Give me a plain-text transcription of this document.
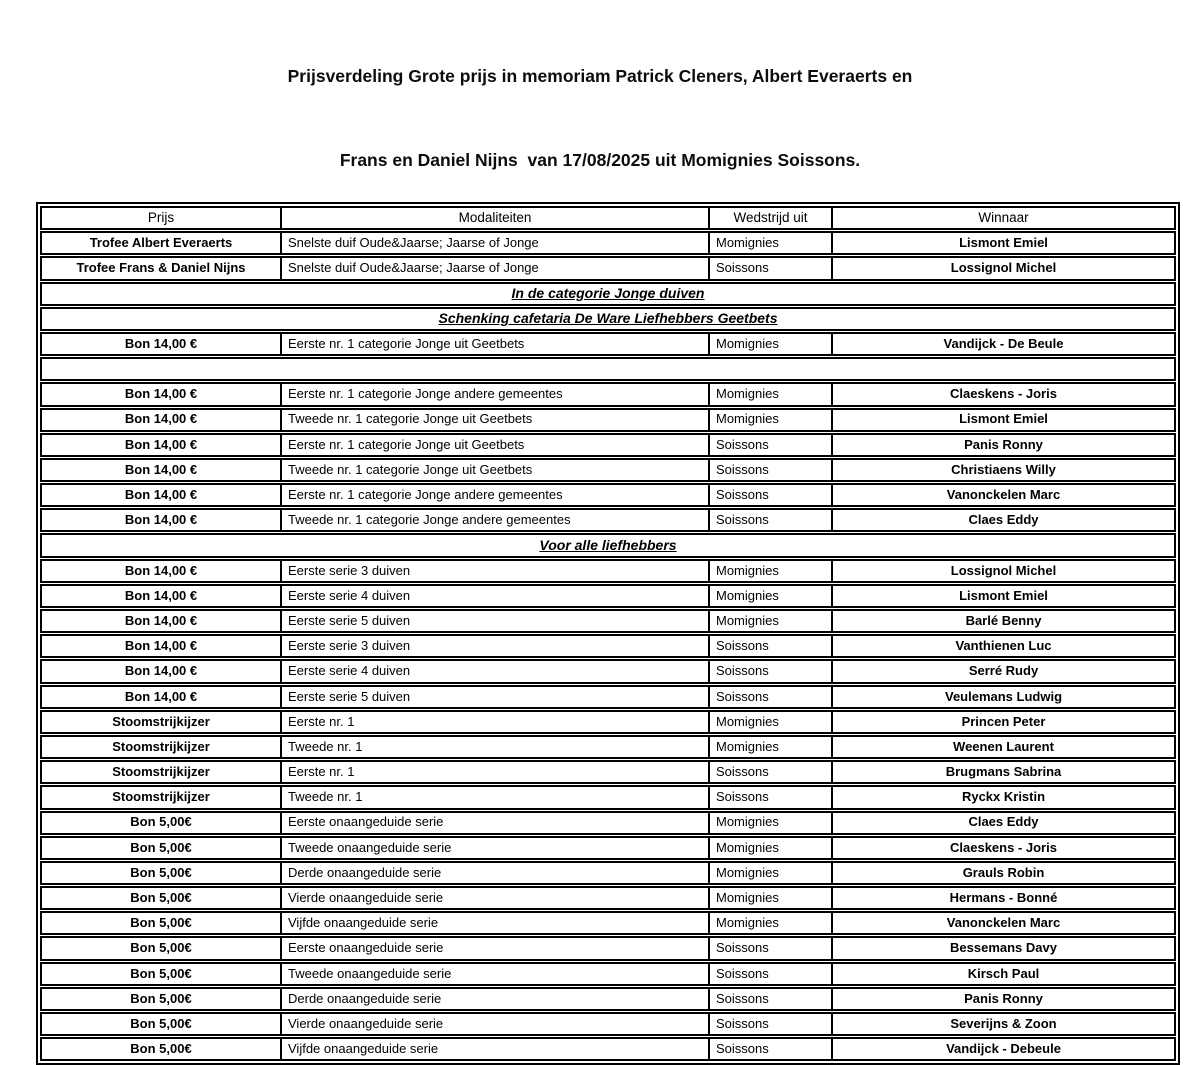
Prijsverdeling Grote prijs in memoriam Patrick Cleners, Albert Everaerts en

Frans en Daniel Nijns  van 17/08/2025 uit Momignies Soissons.

Prijs	Modaliteiten	Wedstrijd uit	Winnaar
Trofee Albert Everaerts	Snelste duif Oude&Jaarse; Jaarse of Jonge	Momignies	Lismont Emiel
Trofee Frans & Daniel Nijns	Snelste duif Oude&Jaarse; Jaarse of Jonge	Soissons	Lossignol Michel
In de categorie Jonge duiven
Schenking cafetaria De Ware Liefhebbers Geetbets
Bon 14,00 €	Eerste nr. 1 categorie Jonge uit Geetbets	Momignies	Vandijck - De Beule
Bon 14,00 €	Eerste nr. 1 categorie Jonge andere gemeentes	Momignies	Claeskens - Joris
Bon 14,00 €	Tweede nr. 1 categorie Jonge uit Geetbets	Momignies	Lismont Emiel
Bon 14,00 €	Eerste nr. 1 categorie Jonge uit Geetbets	Soissons	Panis Ronny
Bon 14,00 €	Tweede nr. 1 categorie Jonge uit Geetbets	Soissons	Christiaens Willy
Bon 14,00 €	Eerste nr. 1 categorie Jonge andere gemeentes	Soissons	Vanonckelen Marc
Bon 14,00 €	Tweede nr. 1 categorie Jonge andere gemeentes	Soissons	Claes Eddy
Voor alle liefhebbers
Bon 14,00 €	Eerste serie 3 duiven	Momignies	Lossignol Michel
Bon 14,00 €	Eerste serie 4 duiven	Momignies	Lismont Emiel
Bon 14,00 €	Eerste serie 5 duiven	Momignies	Barlé Benny
Bon 14,00 €	Eerste serie 3 duiven	Soissons	Vanthienen Luc
Bon 14,00 €	Eerste serie 4 duiven	Soissons	Serré Rudy
Bon 14,00 €	Eerste serie 5 duiven	Soissons	Veulemans Ludwig
Stoomstrijkijzer	Eerste nr. 1	Momignies	Princen Peter
Stoomstrijkijzer	Tweede nr. 1	Momignies	Weenen Laurent
Stoomstrijkijzer	Eerste nr. 1	Soissons	Brugmans Sabrina
Stoomstrijkijzer	Tweede nr. 1	Soissons	Ryckx Kristin
Bon 5,00€	Eerste onaangeduide serie	Momignies	Claes Eddy
Bon 5,00€	Tweede onaangeduide serie	Momignies	Claeskens - Joris
Bon 5,00€	Derde onaangeduide serie	Momignies	Grauls Robin
Bon 5,00€	Vierde onaangeduide serie	Momignies	Hermans - Bonné
Bon 5,00€	Vijfde onaangeduide serie	Momignies	Vanonckelen Marc
Bon 5,00€	Eerste onaangeduide serie	Soissons	Bessemans Davy
Bon 5,00€	Tweede onaangeduide serie	Soissons	Kirsch Paul
Bon 5,00€	Derde onaangeduide serie	Soissons	Panis Ronny
Bon 5,00€	Vierde onaangeduide serie	Soissons	Severijns & Zoon
Bon 5,00€	Vijfde onaangeduide serie	Soissons	Vandijck - Debeule
